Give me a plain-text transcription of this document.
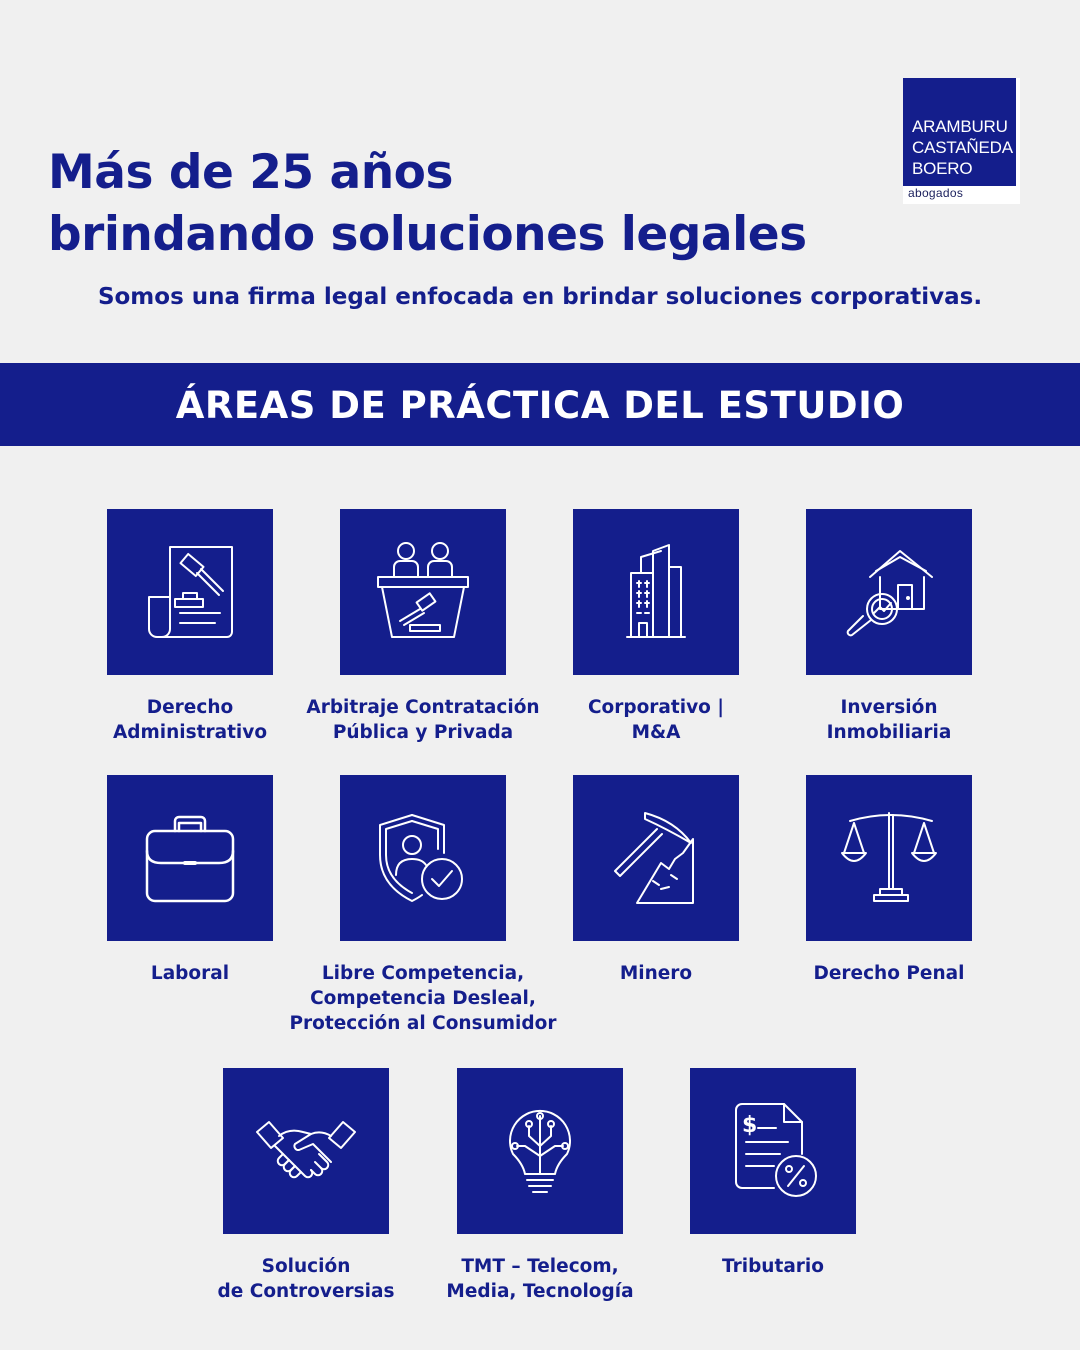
ARAMBURU
CASTAÑEDA
BOERO
abogados
Más de 25 años
brindando soluciones legales

Somos una firma legal enfocada en brindar soluciones corporativas.

ÁREAS DE PRÁCTICA DEL ESTUDIO
Derecho
Administrativo
Arbitraje Contratación
Pública y Privada
Corporativo |
M&A
Inversión
Inmobiliaria
Laboral	Libre Competencia,
Competencia Desleal,
Protección al Consumidor
Minero	Derecho Penal
Solución
de Controversias
TMT – Telecom,
Media, Tecnología
$
Tributario
